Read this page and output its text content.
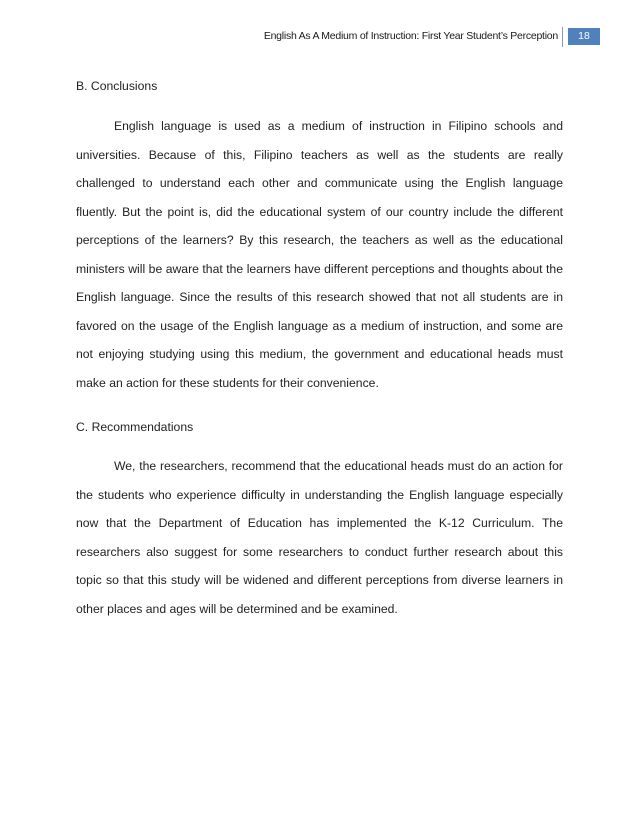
English As A Medium of Instruction: First Year Student’s Perception	18
B. Conclusions

English language is used as a medium of instruction in Filipino schools and universities. Because of this, Filipino teachers as well as the students are really challenged to understand each other and communicate using the English language fluently. But the point is, did the educational system of our country include the different perceptions of the learners? By this research, the teachers as well as the educational ministers will be aware that the learners have different perceptions and thoughts about the English language. Since the results of this research showed that not all students are in favored on the usage of the English language as a medium of instruction, and some are not enjoying studying using this medium, the government and educational heads must make an action for these students for their convenience.

C. Recommendations

We, the researchers, recommend that the educational heads must do an action for the students who experience difficulty in understanding the English language especially now that the Department of Education has implemented the K-12 Curriculum. The researchers also suggest for some researchers to conduct further research about this topic so that this study will be widened and different perceptions from diverse learners in other places and ages will be determined and be examined.
